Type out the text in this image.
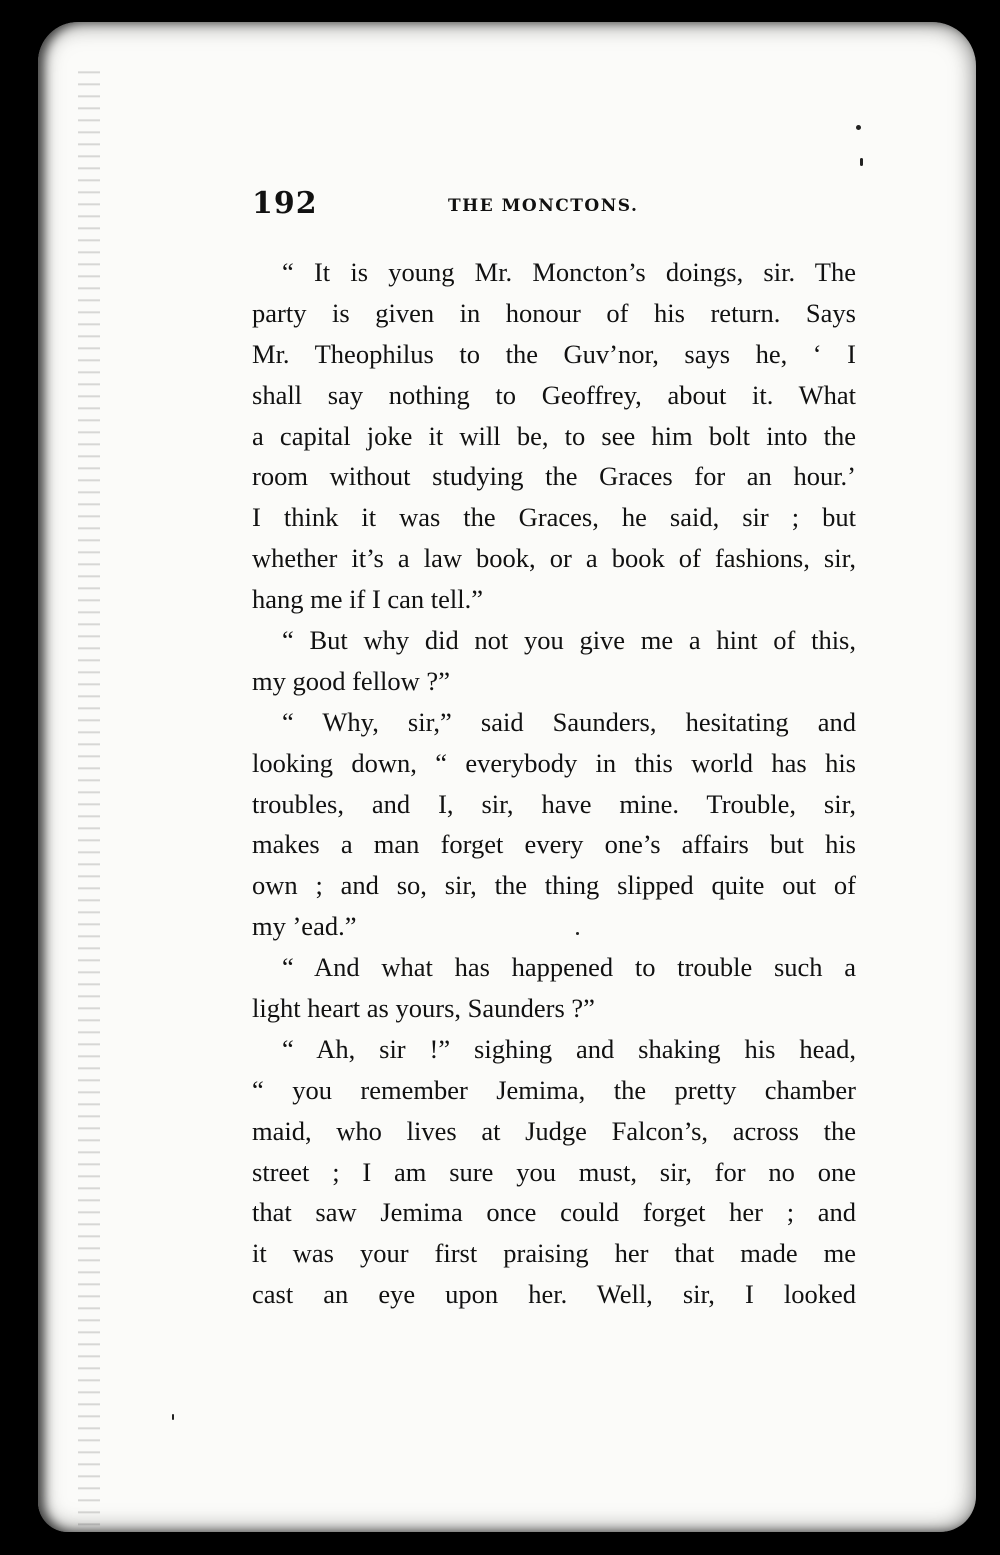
192	THE MONCTONS.
“ It is young Mr. Moncton’s doings, sir. The
party is given in honour of his return. Says
Mr. Theophilus to the Guv’nor, says he, ‘ I
shall say nothing to Geoffrey, about it. What
a capital joke it will be, to see him bolt into the
room without studying the Graces for an hour.’
I think it was the Graces, he said, sir ; but
whether it’s a law book, or a book of fashions, sir,
hang me if I can tell.”
“ But why did not you give me a hint of this,
my good fellow ?”
“ Why, sir,” said Saunders, hesitating and
looking down, “ everybody in this world has his
troubles, and I, sir, have mine. Trouble, sir,
makes a man forget every one’s affairs but his
own ; and so, sir, the thing slipped quite out of
my ’ead.”
“ And what has happened to trouble such a
light heart as yours, Saunders ?”
“ Ah, sir !” sighing and shaking his head,
“ you remember Jemima, the pretty chamber
maid, who lives at Judge Falcon’s, across the
street ; I am sure you must, sir, for no one
that saw Jemima once could forget her ; and
it was your first praising her that made me
cast an eye upon her. Well, sir, I looked
